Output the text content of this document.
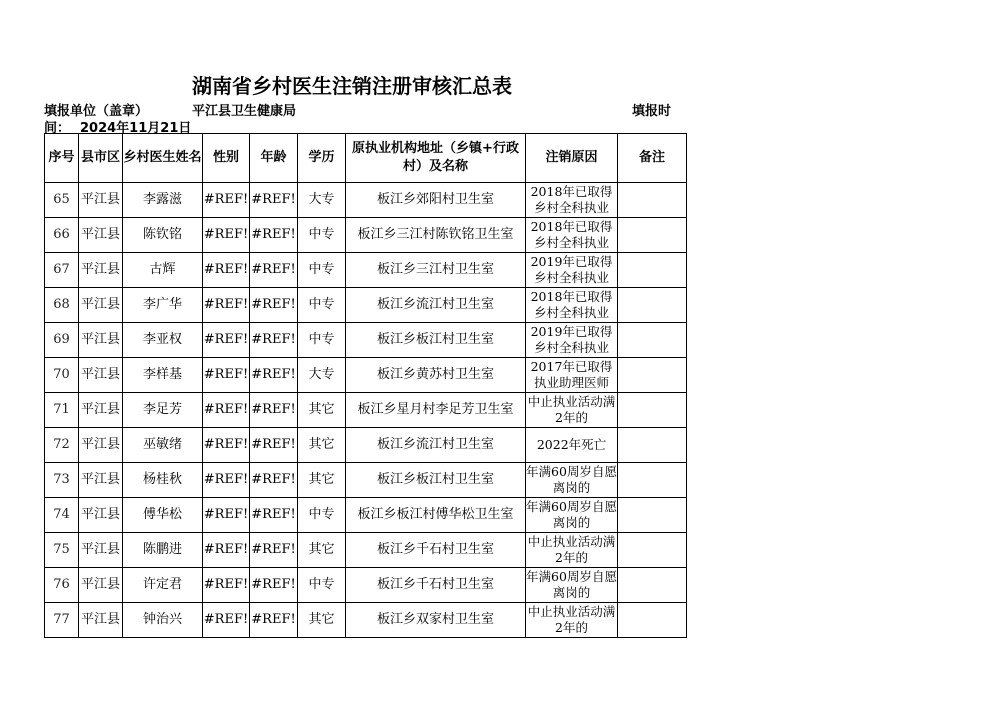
湖南省乡村医生注销注册审核汇总表
填报单位（盖章）	平江县卫生健康局	填报时
间： 2024年11月21日
序号	县市区	乡村医生姓名	性别	年龄	学历	原执业机构地址（乡镇+行政村）及名称	注销原因	备注
65	平江县	李露滋	#REF!	#REF!	大专	板江乡郊阳村卫生室	2018年已取得乡村全科执业	
66	平江县	陈钦铭	#REF!	#REF!	中专	板江乡三江村陈钦铭卫生室	2018年已取得乡村全科执业	
67	平江县	古辉	#REF!	#REF!	中专	板江乡三江村卫生室	2019年已取得乡村全科执业	
68	平江县	李广华	#REF!	#REF!	中专	板江乡流江村卫生室	2018年已取得乡村全科执业	
69	平江县	李亚权	#REF!	#REF!	中专	板江乡板江村卫生室	2019年已取得乡村全科执业	
70	平江县	李样基	#REF!	#REF!	大专	板江乡黄苏村卫生室	2017年已取得执业助理医师	
71	平江县	李足芳	#REF!	#REF!	其它	板江乡星月村李足芳卫生室	中止执业活动满2年的	
72	平江县	巫敏绪	#REF!	#REF!	其它	板江乡流江村卫生室	2022年死亡	
73	平江县	杨桂秋	#REF!	#REF!	其它	板江乡板江村卫生室	年满60周岁自愿离岗的	
74	平江县	傅华松	#REF!	#REF!	中专	板江乡板江村傅华松卫生室	年满60周岁自愿离岗的	
75	平江县	陈鹏进	#REF!	#REF!	其它	板江乡千石村卫生室	中止执业活动满2年的	
76	平江县	许定君	#REF!	#REF!	中专	板江乡千石村卫生室	年满60周岁自愿离岗的	
77	平江县	钟治兴	#REF!	#REF!	其它	板江乡双家村卫生室	中止执业活动满2年的	
